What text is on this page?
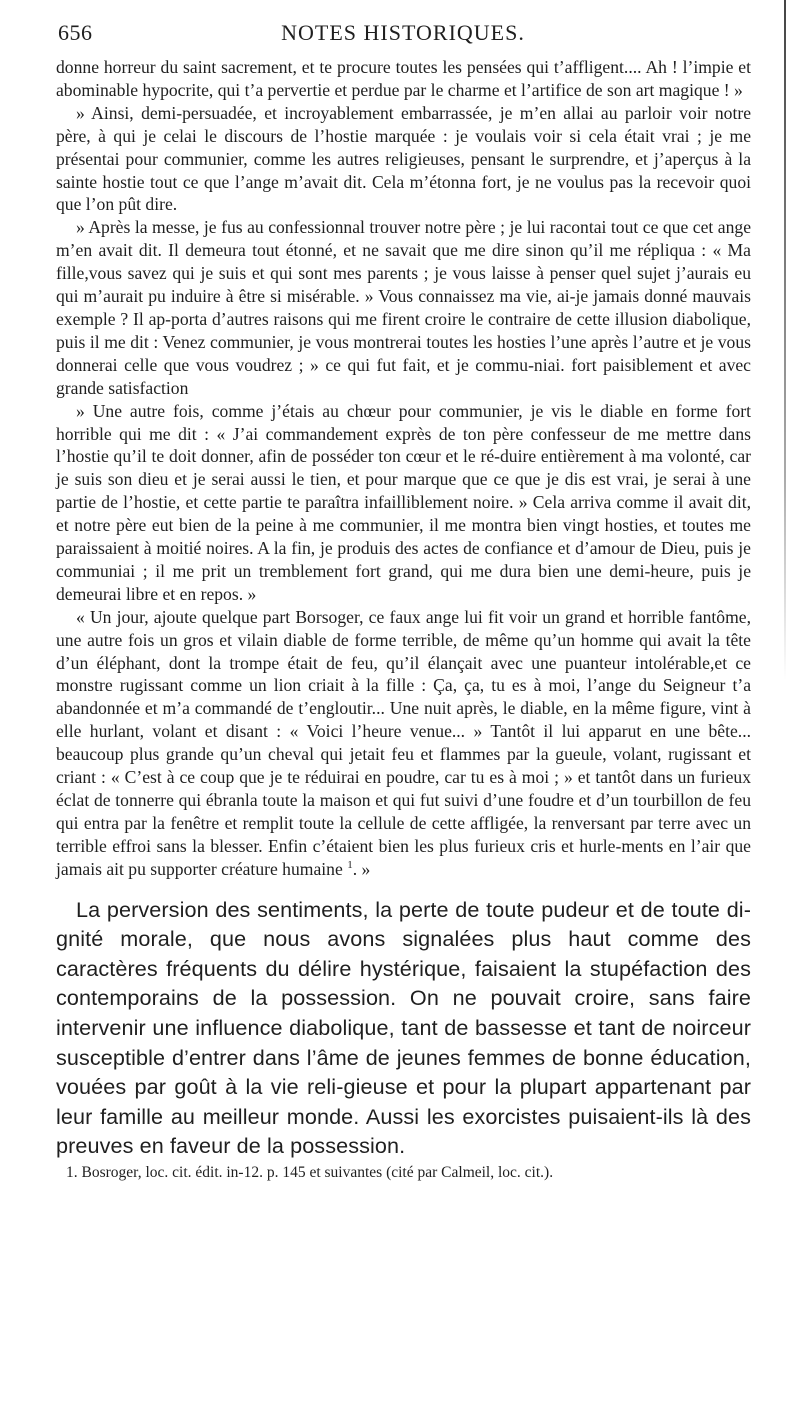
656	NOTES HISTORIQUES.

donne horreur du saint sacrement, et te procure toutes les pensées qui t’affligent.... Ah ! l’impie et abominable hypocrite, qui t’a pervertie et perdue par le charme et l’artifice de son art magique ! »

» Ainsi, demi-persuadée, et incroyablement embarrassée, je m’en allai au parloir voir notre père, à qui je celai le discours de l’hostie marquée : je voulais voir si cela était vrai ; je me présentai pour communier, comme les autres religieuses, pensant le surprendre, et j’aperçus à la sainte hostie tout ce que l’ange m’avait dit. Cela m’étonna fort, je ne voulus pas la recevoir quoi que l’on pût dire.

» Après la messe, je fus au confessionnal trouver notre père ; je lui racontai tout ce que cet ange m’en avait dit. Il demeura tout étonné, et ne savait que me dire sinon qu’il me répliqua : « Ma fille,vous savez qui je suis et qui sont mes parents ; je vous laisse à penser quel sujet j’aurais eu qui m’aurait pu induire à être si misérable. » Vous connaissez ma vie, ai-je jamais donné mauvais exemple ? Il ap-porta d’autres raisons qui me firent croire le contraire de cette illusion diabolique, puis il me dit : Venez communier, je vous montrerai toutes les hosties l’une après l’autre et je vous donnerai celle que vous voudrez ; » ce qui fut fait, et je commu-niai. fort paisiblement et avec grande satisfaction

» Une autre fois, comme j’étais au chœur pour communier, je vis le diable en forme fort horrible qui me dit : « J’ai commandement exprès de ton père confesseur de me mettre dans l’hostie qu’il te doit donner, afin de posséder ton cœur et le ré-duire entièrement à ma volonté, car je suis son dieu et je serai aussi le tien, et pour marque que ce que je dis est vrai, je serai à une partie de l’hostie, et cette partie te paraîtra infailliblement noire. » Cela arriva comme il avait dit, et notre père eut bien de la peine à me communier, il me montra bien vingt hosties, et toutes me paraissaient à moitié noires. A la fin, je produis des actes de confiance et d’amour de Dieu, puis je communiai ; il me prit un tremblement fort grand, qui me dura bien une demi-heure, puis je demeurai libre et en repos. »

« Un jour, ajoute quelque part Borsoger, ce faux ange lui fit voir un grand et horrible fantôme, une autre fois un gros et vilain diable de forme terrible, de même qu’un homme qui avait la tête d’un éléphant, dont la trompe était de feu, qu’il élançait avec une puanteur intolérable,et ce monstre rugissant comme un lion criait à la fille : Ça, ça, tu es à moi, l’ange du Seigneur t’a abandonnée et m’a commandé de t’engloutir... Une nuit après, le diable, en la même figure, vint à elle hurlant, volant et disant : « Voici l’heure venue... » Tantôt il lui apparut en une bête... beaucoup plus grande qu’un cheval qui jetait feu et flammes par la gueule, volant, rugissant et criant : « C’est à ce coup que je te réduirai en poudre, car tu es à moi ; » et tantôt dans un furieux éclat de tonnerre qui ébranla toute la maison et qui fut suivi d’une foudre et d’un tourbillon de feu qui entra par la fenêtre et remplit toute la cellule de cette affligée, la renversant par terre avec un terrible effroi sans la blesser. Enfin c’étaient bien les plus furieux cris et hurle-ments en l’air que jamais ait pu supporter créature humaine $^1$. »

La perversion des sentiments, la perte de toute pudeur et de toute di-gnité morale, que nous avons signalées plus haut comme des caractères fréquents du délire hystérique, faisaient la stupéfaction des contemporains de la possession. On ne pouvait croire, sans faire intervenir une influence diabolique, tant de bassesse et tant de noirceur susceptible d’entrer dans l’âme de jeunes femmes de bonne éducation, vouées par goût à la vie reli-gieuse et pour la plupart appartenant par leur famille au meilleur monde. Aussi les exorcistes puisaient-ils là des preuves en faveur de la possession.

1. Bosroger, loc. cit. édit. in-12. p. 145 et suivantes (cité par Calmeil, loc. cit.).
